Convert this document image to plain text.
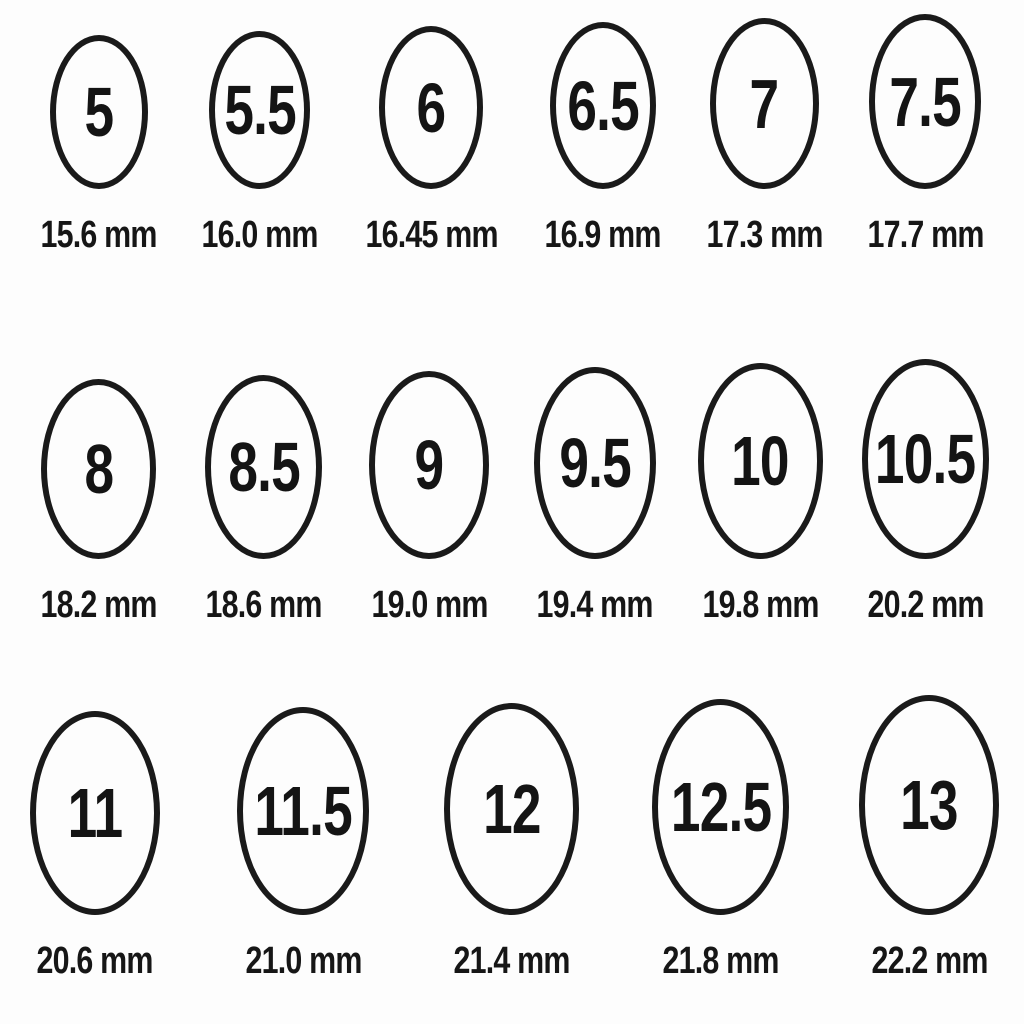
5
15.6 mm
5.5
16.0 mm
6
16.45 mm
6.5
16.9 mm
7
17.3 mm
7.5
17.7 mm
8
18.2 mm
8.5
18.6 mm
9
19.0 mm
9.5
19.4 mm
10
19.8 mm
10.5
20.2 mm
11
20.6 mm
11.5
21.0 mm
12
21.4 mm
12.5
21.8 mm
13
22.2 mm
